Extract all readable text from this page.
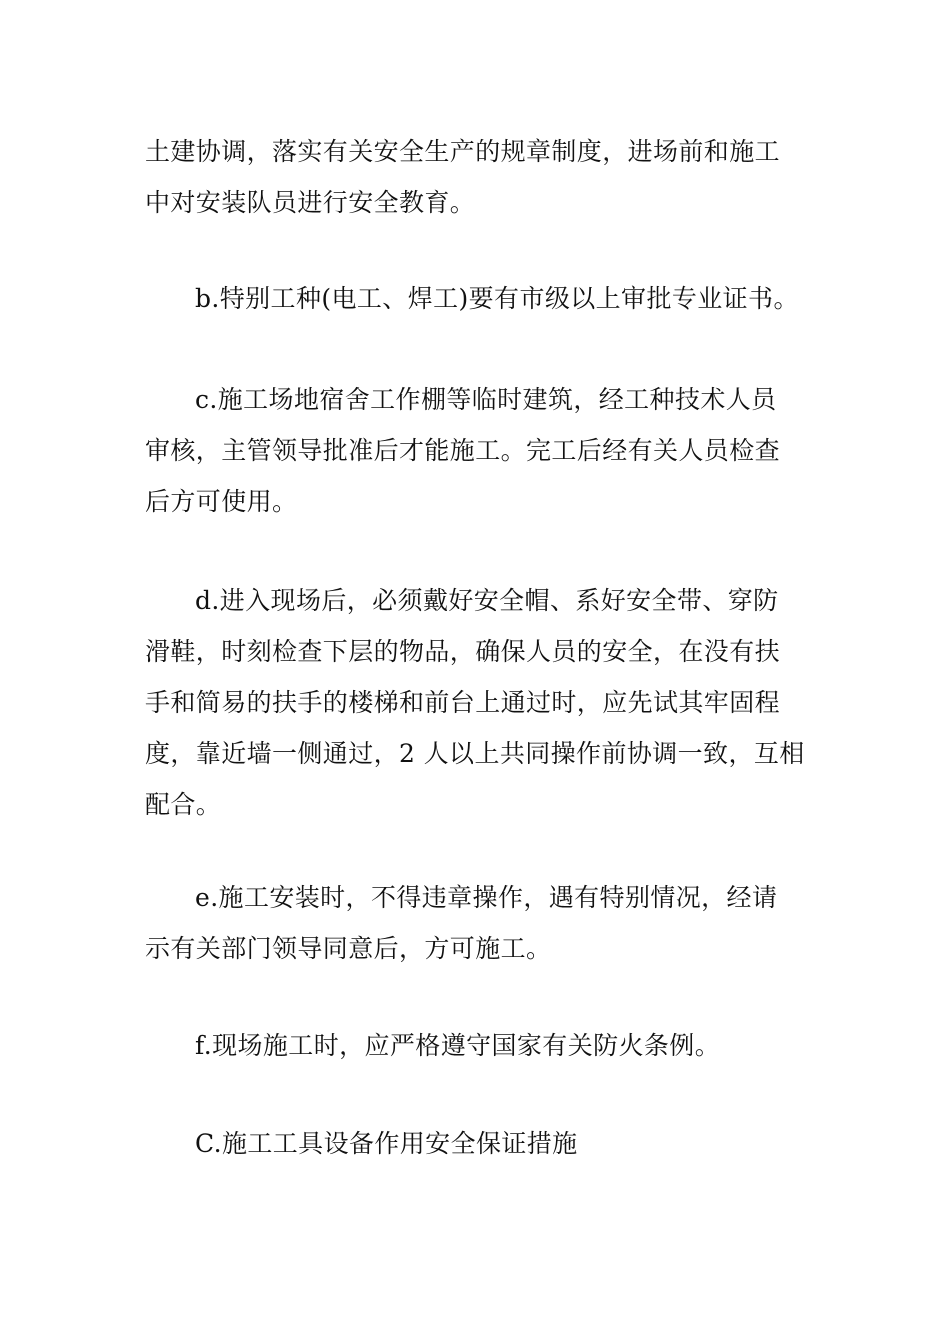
土建协调，落实有关安全生产的规章制度，进场前和施工
中对安装队员进行安全教育。

b.特别工种(电工、焊工)要有市级以上审批专业证书。

c.施工场地宿舍工作棚等临时建筑，经工种技术人员
审核，主管领导批准后才能施工。完工后经有关人员检查
后方可使用。

d.进入现场后，必须戴好安全帽、系好安全带、穿防
滑鞋，时刻检查下层的物品，确保人员的安全，在没有扶
手和简易的扶手的楼梯和前台上通过时，应先试其牢固程
度，靠近墙一侧通过，2 人以上共同操作前协调一致，互相
配合。

e.施工安装时，不得违章操作，遇有特别情况，经请
示有关部门领导同意后，方可施工。

f.现场施工时，应严格遵守国家有关防火条例。

C.施工工具设备作用安全保证措施
